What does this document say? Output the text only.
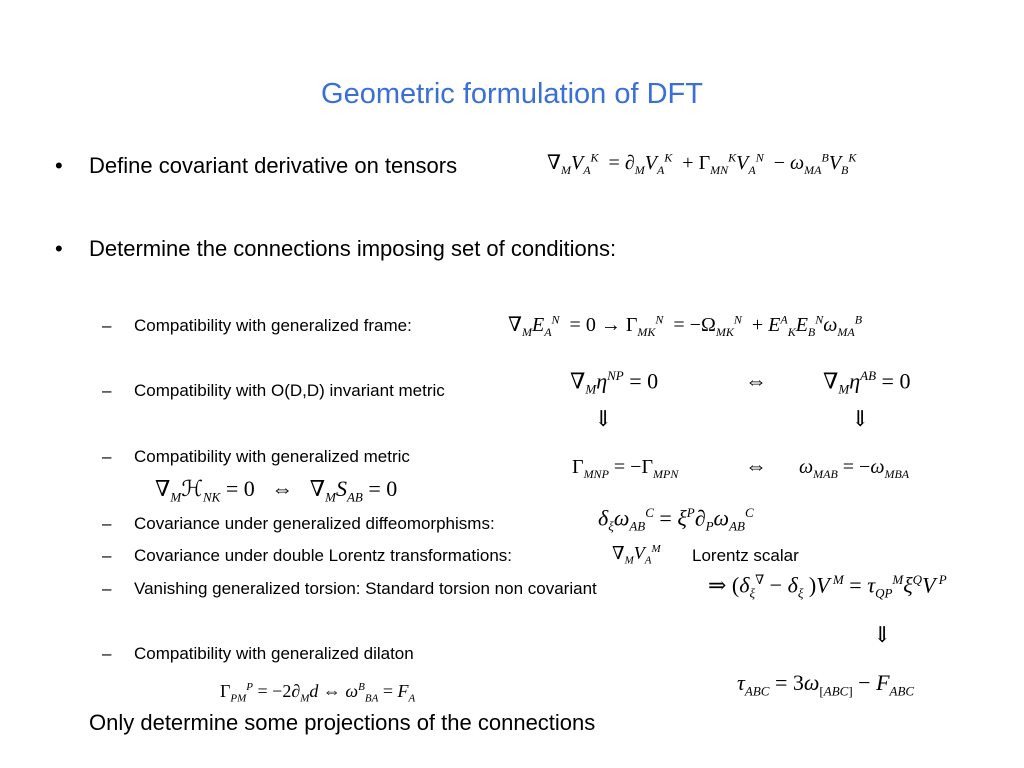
Geometric formulation of DFT
• Define covariant derivative on tensors	$\nabla_MV_A^K = \partial_MV_A^K + \Gamma_{MN}^KV_A^N - \omega_{MA}^BV_B^K$
• Determine the connections imposing set of conditions:
– Compatibility with generalized frame:	$\nabla_ME_A^N = 0 \to \Gamma_{MK}^N = -\Omega_{MK}^N + E^A_KE_B^N\omega_{MA}^B$
– Compatibility with O(D,D) invariant metric	$\nabla_M\eta^{NP} = 0$	⇔	$\nabla_M\eta^{AB} = 0$
⇓	⇓
– Compatibility with generalized metric	$\Gamma_{MNP} = -\Gamma_{MPN}$	⇔ $\omega_{MAB} = -\omega_{MBA}$
$\nabla_Mℋ_{NK} = 0$   ⇔   $\nabla_MS_{AB} = 0$
– Covariance under generalized diffeomorphisms:	$\delta_\xi\omega_{AB}^C = \xi^P\partial_P\omega_{AB}^C$
– Covariance under double Lorentz transformations:	$\nabla_MV_A^M$ Lorentz scalar
– Vanishing generalized torsion: Standard torsion non covariant	⇒ ($\delta_\xi^\nabla - \delta_\xi$ )V $^M = \tau_{QP}^M\xi^QV$ $^P$
⇓
– Compatibility with generalized dilaton
$\Gamma_{PM}^P = -2\partial_Md$ ⇔ $\omega^B_{BA} = F_A$
$\tau_{ABC} = 3\omega_{[ABC]} - F_{ABC}$
Only determine some projections of the connections
